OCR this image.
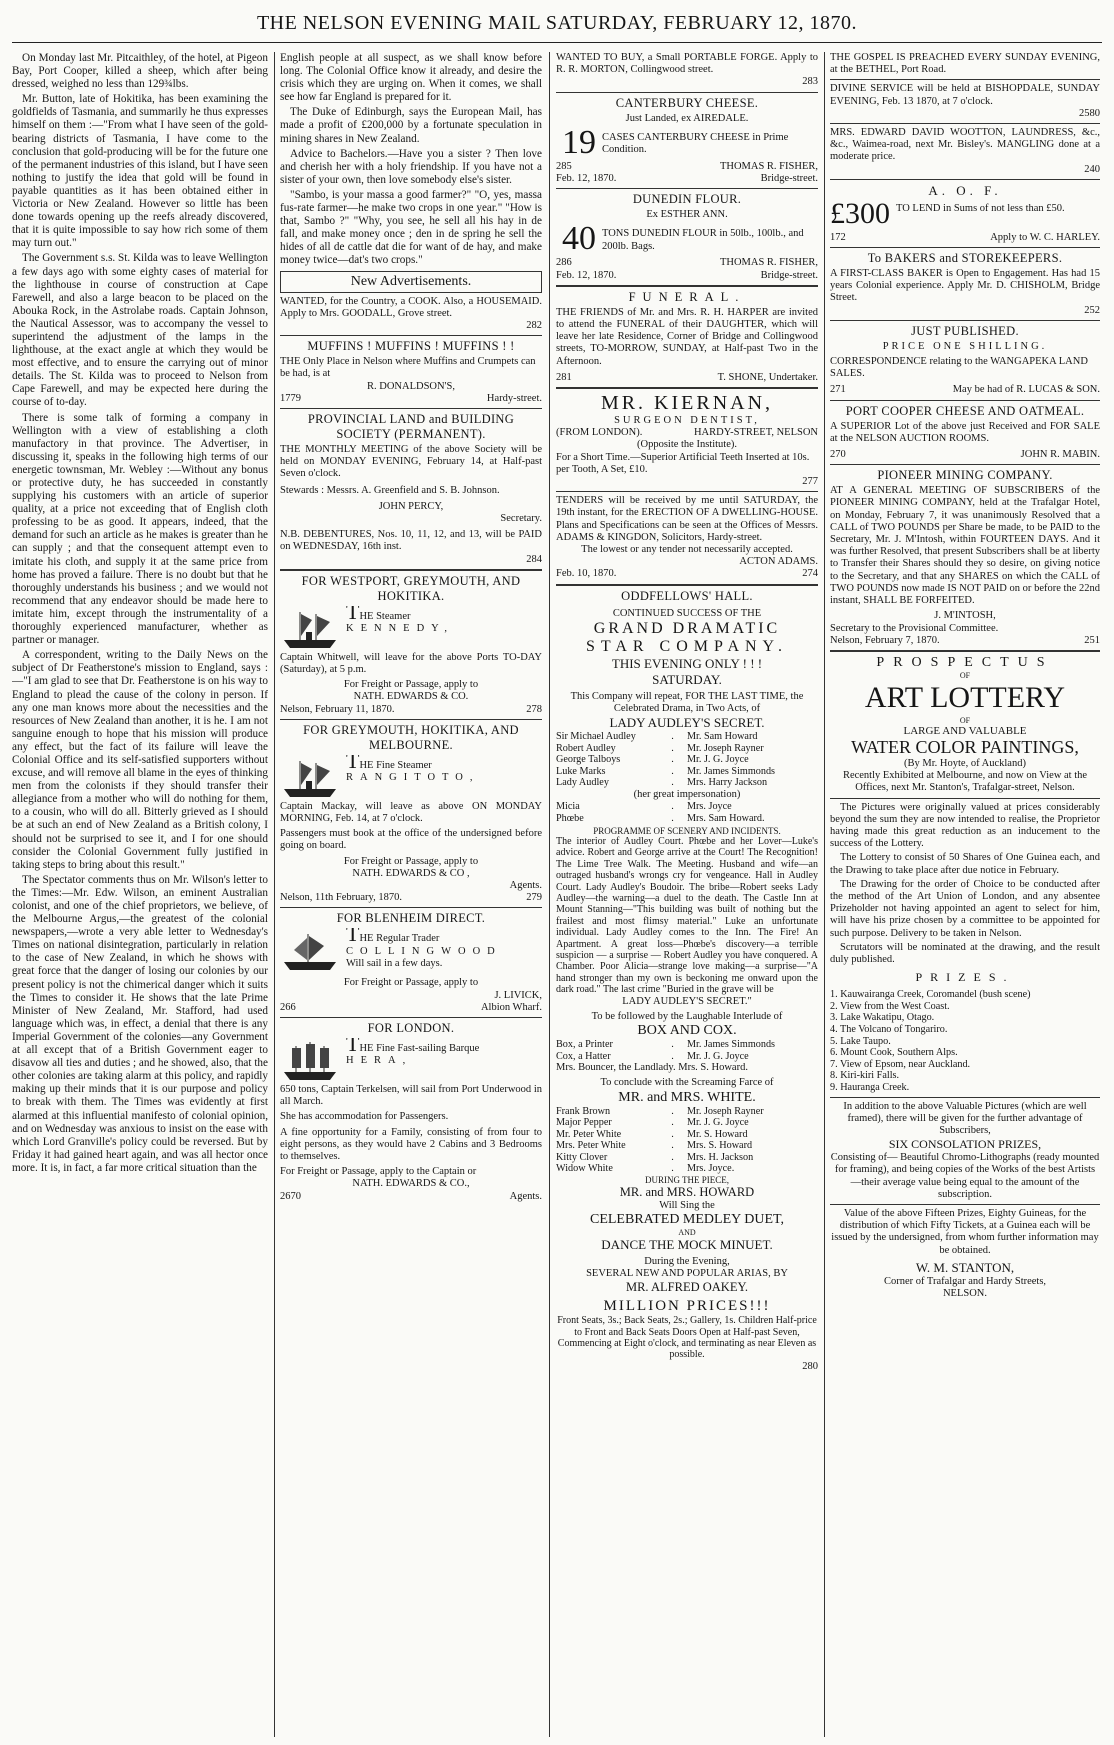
THE NELSON EVENING MAIL SATURDAY, FEBRUARY 12, 1870.

On Monday last Mr. Pitcaithley, of the hotel, at Pigeon Bay, Port Cooper, killed a sheep, which after being dressed, weighed no less than 129¾lbs.

Mr. Button, late of Hokitika, has been examining the goldfields of Tasmania, and summarily he thus expresses himself on them :—"From what I have seen of the gold-bearing districts of Tasmania, I have come to the conclusion that gold-producing will be for the future one of the permanent industries of this island, but I have seen nothing to justify the idea that gold will be found in payable quantities as it has been obtained either in Victoria or New Zealand. However so little has been done towards opening up the reefs already discovered, that it is quite impossible to say how rich some of them may turn out."

The Government s.s. St. Kilda was to leave Wellington a few days ago with some eighty cases of material for the lighthouse in course of construction at Cape Farewell, and also a large beacon to be placed on the Abouka Rock, in the Astrolabe roads. Captain Johnson, the Nautical Assessor, was to accompany the vessel to superintend the adjustment of the lamps in the lighthouse, at the exact angle at which they would be most effective, and to ensure the carrying out of minor details. The St. Kilda was to proceed to Nelson from Cape Farewell, and may be expected here during the course of to-day.

There is some talk of forming a company in Wellington with a view of establishing a cloth manufactory in that province. The Advertiser, in discussing it, speaks in the following high terms of our energetic townsman, Mr. Webley :—Without any bonus or protective duty, he has succeeded in constantly supplying his customers with an article of superior quality, at a price not exceeding that of English cloth professing to be as good. It appears, indeed, that the demand for such an article as he makes is greater than he can supply ; and that the consequent attempt even to imitate his cloth, and supply it at the same price from home has proved a failure. There is no doubt but that he thoroughly understands his business ; and we would not recommend that any endeavor should be made here to imitate him, except through the instrumentality of a thoroughly experienced manufacturer, whether as partner or manager.

A correspondent, writing to the Daily News on the subject of Dr Featherstone's mission to England, says :—"I am glad to see that Dr. Featherstone is on his way to England to plead the cause of the colony in person. If any one man knows more about the necessities and the resources of New Zealand than another, it is he. I am not sanguine enough to hope that his mission will produce any effect, but the fact of its failure will leave the Colonial Office and its self-satisfied supporters without excuse, and will remove all blame in the eyes of thinking men from the colonists if they should transfer their allegiance from a mother who will do nothing for them, to a cousin, who will do all. Bitterly grieved as I should be at such an end of New Zealand as a British colony, I should not be surprised to see it, and I for one should consider the Colonial Government fully justified in taking steps to bring about this result."

The Spectator comments thus on Mr. Wilson's letter to the Times:—Mr. Edw. Wilson, an eminent Australian colonist, and one of the chief proprietors, we believe, of the Melbourne Argus,—the greatest of the colonial newspapers,—wrote a very able letter to Wednesday's Times on national disintegration, particularly in relation to the case of New Zealand, in which he shows with great force that the danger of losing our colonies by our present policy is not the chimerical danger which it suits the Times to consider it. He shows that the late Prime Minister of New Zealand, Mr. Stafford, had used language which was, in effect, a denial that there is any Imperial Government of the colonies—any Government at all except that of a British Government eager to disavow all ties and duties ; and he showed, also, that the other colonies are taking alarm at this policy, and rapidly making up their minds that it is our purpose and policy to break with them. The Times was evidently at first alarmed at this influential manifesto of colonial opinion, and on Wednesday was anxious to insist on the ease with which Lord Granville's policy could be reversed. But by Friday it had gained heart again, and was all hector once more. It is, in fact, a far more critical situation than the

English people at all suspect, as we shall know before long. The Colonial Office know it already, and desire the crisis which they are urging on. When it comes, we shall see how far England is prepared for it.

The Duke of Edinburgh, says the European Mail, has made a profit of £200,000 by a fortunate speculation in mining shares in New Zealand.

Advice to Bachelors.—Have you a sister ? Then love and cherish her with a holy friendship. If you have not a sister of your own, then love somebody else's sister.

"Sambo, is your massa a good farmer?" "O, yes, massa fus-rate farmer—he make two crops in one year." "How is that, Sambo ?" "Why, you see, he sell all his hay in de fall, and make money once ; den in de spring he sell the hides of all de cattle dat die for want of de hay, and make money twice—dat's two crops."

New Advertisements.

WANTED, for the Country, a COOK. Also, a HOUSEMAID. Apply to Mrs. GOODALL, Grove street.

282

MUFFINS ! MUFFINS ! MUFFINS ! !

THE Only Place in Nelson where Muffins and Crumpets can be had, is at

R. DONALDSON'S,

1779	Hardy-street.

PROVINCIAL LAND and BUILDING SOCIETY (PERMANENT).

THE MONTHLY MEETING of the above Society will be held on MONDAY EVENING, February 14, at Half-past Seven o'clock.

Stewards : Messrs. A. Greenfield and S. B. Johnson.

JOHN PERCY,

Secretary.

N.B. DEBENTURES, Nos. 10, 11, 12, and 13, will be PAID on WEDNESDAY, 16th inst.

284

FOR WESTPORT, GREYMOUTH, AND HOKITIKA.

THE Steamer

KENNEDY,

Captain Whitwell, will leave for the above Ports TO-DAY (Saturday), at 5 p.m.

For Freight or Passage, apply to

NATH. EDWARDS & CO.

Nelson, February 11, 1870.	278

FOR GREYMOUTH, HOKITIKA, AND MELBOURNE.

THE Fine Steamer

RANGITOTO,

Captain Mackay, will leave as above ON MONDAY MORNING, Feb. 14, at 7 o'clock.

Passengers must book at the office of the undersigned before going on board.

For Freight or Passage, apply to

NATH. EDWARDS & CO ,

Agents.

Nelson, 11th February, 1870.	279

FOR BLENHEIM DIRECT.

THE Regular Trader

COLLINGWOOD

Will sail in a few days.

For Freight or Passage, apply to

J. LIVICK,

266	Albion Wharf.

FOR LONDON.

THE Fine Fast-sailing Barque

HERA,

650 tons, Captain Terkelsen, will sail from Port Underwood in all March.

She has accommodation for Passengers.

A fine opportunity for a Family, consisting of from four to eight persons, as they would have 2 Cabins and 3 Bedrooms to themselves.

For Freight or Passage, apply to the Captain or

NATH. EDWARDS & CO.,

2670	Agents.

WANTED TO BUY, a Small PORTABLE FORGE. Apply to R. R. MORTON, Collingwood street.

283

CANTERBURY CHEESE.

Just Landed, ex AIREDALE.

19 CASES CANTERBURY CHEESE in Prime Condition.

285	THOMAS R. FISHER,
Feb. 12, 1870.	Bridge-street.

DUNEDIN FLOUR.

Ex ESTHER ANN.

40 TONS DUNEDIN FLOUR in 50lb., 100lb., and 200lb. Bags.

286	THOMAS R. FISHER,
Feb. 12, 1870.	Bridge-street.

FUNERAL.

THE FRIENDS of Mr. and Mrs. R. H. HARPER are invited to attend the FUNERAL of their DAUGHTER, which will leave her late Residence, Corner of Bridge and Collingwood streets, TO-MORROW, SUNDAY, at Half-past Two in the Afternoon.

281	T. SHONE, Undertaker.

MR. KIERNAN,

SURGEON DENTIST,

(FROM LONDON).	HARDY-STREET, NELSON

(Opposite the Institute).

For a Short Time.—Superior Artificial Teeth Inserted at 10s. per Tooth, A Set, £10.

277

TENDERS will be received by me until SATURDAY, the 19th instant, for the ERECTION OF A DWELLING-HOUSE. Plans and Specifications can be seen at the Offices of Messrs. ADAMS & KINGDON, Solicitors, Hardy-street.

The lowest or any tender not necessarily accepted.

ACTON ADAMS.

Feb. 10, 1870.	274

ODDFELLOWS' HALL.

CONTINUED SUCCESS OF THE

GRAND DRAMATIC

STAR COMPANY.

THIS EVENING ONLY ! ! !

SATURDAY.

This Company will repeat, FOR THE LAST TIME, the Celebrated Drama, in Two Acts, of

LADY AUDLEY'S SECRET.

Sir Michael Audley	.	Mr. Sam Howard
Robert Audley	.	Mr. Joseph Rayner
George Talboys	.	Mr. J. G. Joyce
Luke Marks	.	Mr. James Simmonds
Lady Audley	.	Mrs. Harry Jackson

(her great impersonation)

Micia	.	Mrs. Joyce
Phœbe	.	Mrs. Sam Howard.

PROGRAMME OF SCENERY AND INCIDENTS.

The interior of Audley Court. Phœbe and her Lover—Luke's advice. Robert and George arrive at the Court! The Recognition! The Lime Tree Walk. The Meeting. Husband and wife—an outraged husband's wrongs cry for vengeance. Hall in Audley Court. Lady Audley's Boudoir. The bribe—Robert seeks Lady Audley—the warning—a duel to the death. The Castle Inn at Mount Stanning—"This building was built of nothing but the frailest and most flimsy material." Luke an unfortunate individual. Lady Audley comes to the Inn. The Fire! An Apartment. A great loss—Phœbe's discovery—a terrible suspicion — a surprise — Robert Audley you have conquered. A Chamber. Poor Alicia—strange love making—a surprise—"A hand stronger than my own is beckoning me onward upon the dark road." The last crime "Buried in the grave will be

LADY AUDLEY'S SECRET."

To be followed by the Laughable Interlude of

BOX AND COX.

Box, a Printer	.	Mr. James Simmonds
Cox, a Hatter	.	Mr. J. G. Joyce

Mrs. Bouncer, the Landlady. Mrs. S. Howard.

To conclude with the Screaming Farce of

MR. and MRS. WHITE.

Frank Brown	.	Mr. Joseph Rayner
Major Pepper	.	Mr. J. G. Joyce
Mr. Peter White	.	Mr. S. Howard
Mrs. Peter White	.	Mrs. S. Howard
Kitty Clover	.	Mrs. H. Jackson
Widow White	.	Mrs. Joyce.

DURING THE PIECE,

MR. and MRS. HOWARD

Will Sing the

CELEBRATED MEDLEY DUET,

AND

DANCE THE MOCK MINUET.

During the Evening,

SEVERAL NEW AND POPULAR ARIAS, BY

MR. ALFRED OAKEY.

MILLION PRICES!!!

Front Seats, 3s.; Back Seats, 2s.; Gallery, 1s. Children Half-price to Front and Back Seats Doors Open at Half-past Seven, Commencing at Eight o'clock, and terminating as near Eleven as possible.

280

THE GOSPEL IS PREACHED EVERY SUNDAY EVENING, at the BETHEL, Port Road.

DIVINE SERVICE will be held at BISHOPDALE, SUNDAY EVENING, Feb. 13 1870, at 7 o'clock.

2580

MRS. EDWARD DAVID WOOTTON, LAUNDRESS, &c., &c., Waimea-road, next Mr. Bisley's. MANGLING done at a moderate price.

240

A. O. F.

£300 TO LEND in Sums of not less than £50.

172	Apply to W. C. HARLEY.

To BAKERS and STOREKEEPERS.

A FIRST-CLASS BAKER is Open to Engagement. Has had 15 years Colonial experience. Apply Mr. D. CHISHOLM, Bridge Street.

252

JUST PUBLISHED.

PRICE ONE SHILLING.

CORRESPONDENCE relating to the WANGAPEKA LAND SALES.

271	May be had of R. LUCAS & SON.

PORT COOPER CHEESE AND OATMEAL.

A SUPERIOR Lot of the above just Received and FOR SALE at the NELSON AUCTION ROOMS.

270	JOHN R. MABIN.

PIONEER MINING COMPANY.

AT A GENERAL MEETING OF SUBSCRIBERS of the PIONEER MINING COMPANY, held at the Trafalgar Hotel, on Monday, February 7, it was unanimously Resolved that a CALL of TWO POUNDS per Share be made, to be PAID to the Secretary, Mr. J. M'Intosh, within FOURTEEN DAYS. And it was further Resolved, that present Subscribers shall be at liberty to Transfer their Shares should they so desire, on giving notice to the Secretary, and that any SHARES on which the CALL of TWO POUNDS now made IS NOT PAID on or before the 22nd instant, SHALL BE FORFEITED.

J. M'INTOSH,

Secretary to the Provisional Committee.

Nelson, February 7, 1870.	251

PROSPECTUS

OF

ART LOTTERY

OF

LARGE AND VALUABLE

WATER COLOR PAINTINGS,

(By Mr. Hoyte, of Auckland)

Recently Exhibited at Melbourne, and now on View at the Offices, next Mr. Stanton's, Trafalgar-street, Nelson.

The Pictures were originally valued at prices considerably beyond the sum they are now intended to realise, the Proprietor having made this great reduction as an inducement to the success of the Lottery.

The Lottery to consist of 50 Shares of One Guinea each, and the Drawing to take place after due notice in February.

The Drawing for the order of Choice to be conducted after the method of the Art Union of London, and any absentee Prizeholder not having appointed an agent to select for him, will have his prize chosen by a committee to be appointed for such purpose. Delivery to be taken in Nelson.

Scrutators will be nominated at the drawing, and the result duly published.

PRIZES.

1. Kauwairanga Creek, Coromandel (bush scene)

2. View from the West Coast.

3. Lake Wakatipu, Otago.

4. The Volcano of Tongariro.

5. Lake Taupo.

6. Mount Cook, Southern Alps.

7. View of Epsom, near Auckland.

8. Kiri-kiri Falls.

9. Hauranga Creek.

In addition to the above Valuable Pictures (which are well framed), there will be given for the further advantage of Subscribers,

SIX CONSOLATION PRIZES,

Consisting of— Beautiful Chromo-Lithographs (ready mounted for framing), and being copies of the Works of the best Artists—their average value being equal to the amount of the subscription.

Value of the above Fifteen Prizes, Eighty Guineas, for the distribution of which Fifty Tickets, at a Guinea each will be issued by the undersigned, from whom further information may be obtained.

W. M. STANTON,

Corner of Trafalgar and Hardy Streets,

NELSON.
